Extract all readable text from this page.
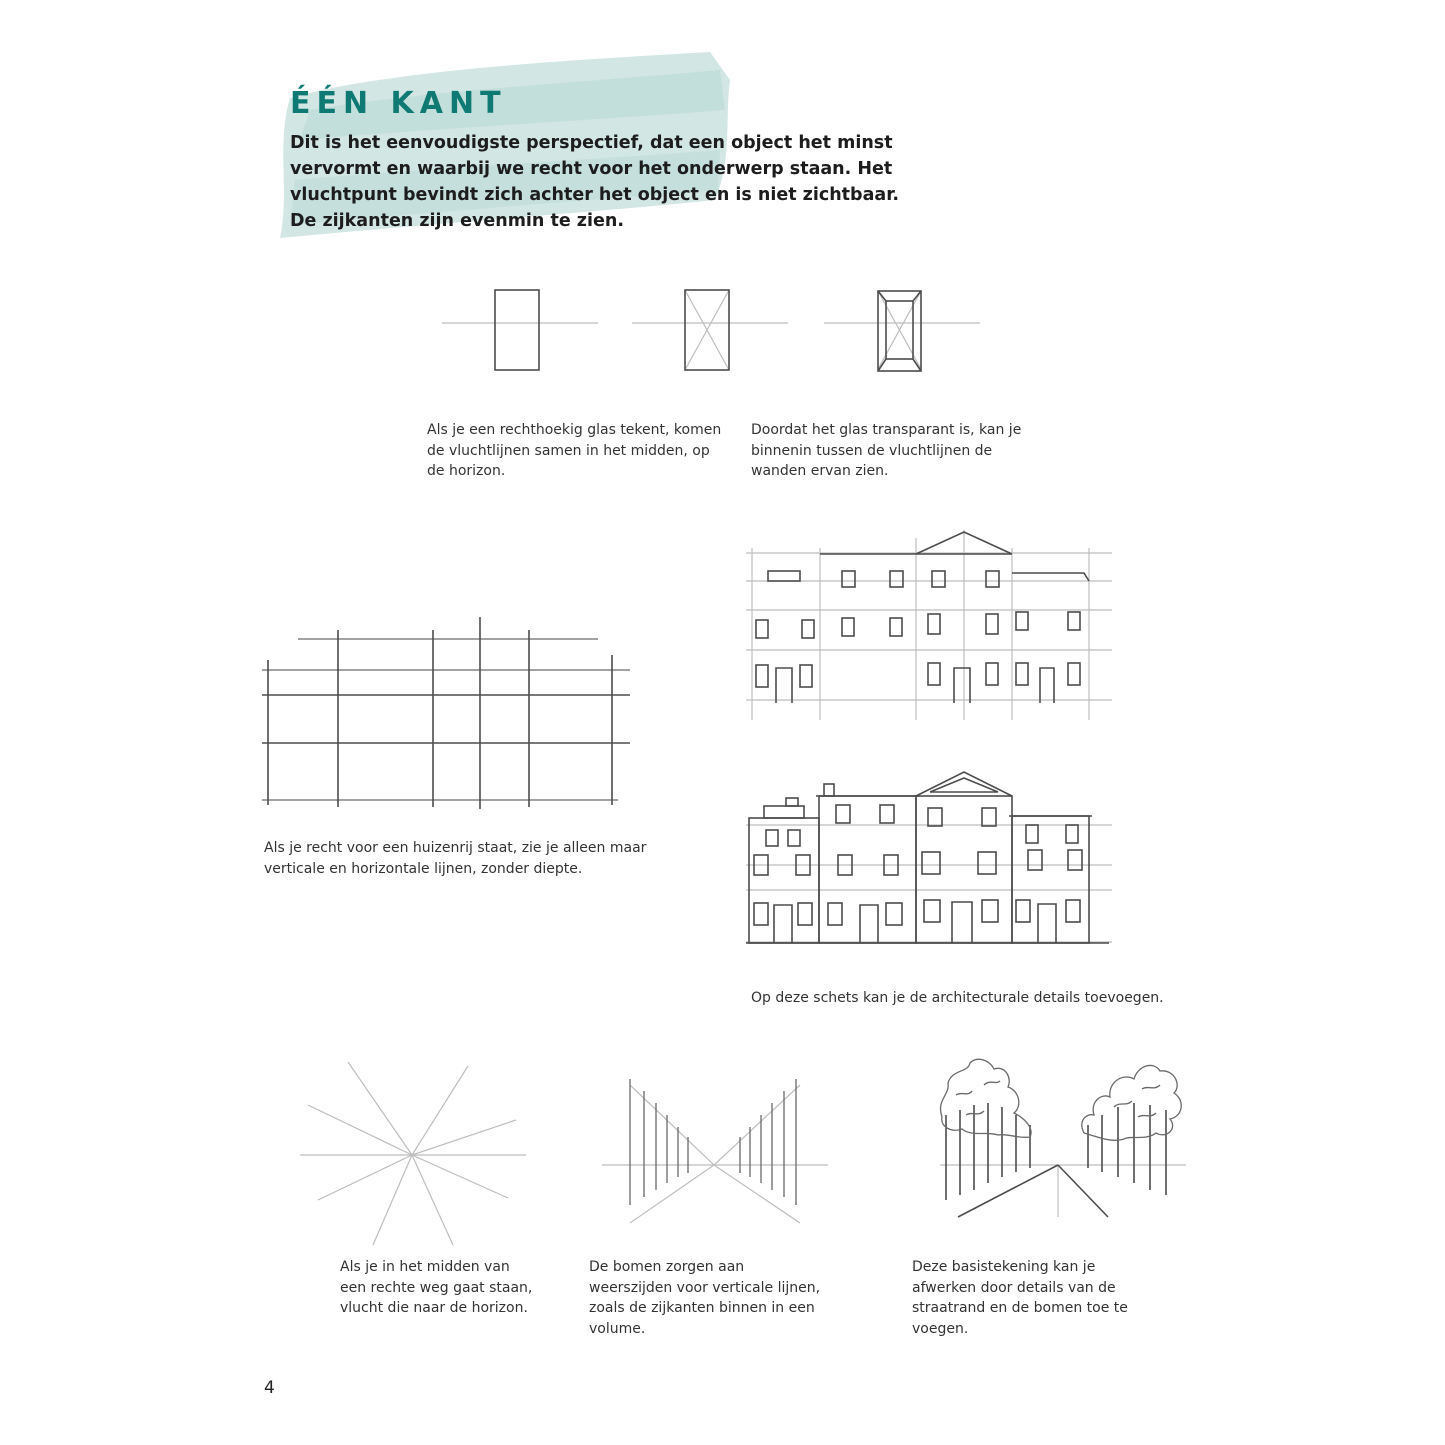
ÉÉN KANT

Dit is het eenvoudigste perspectief, dat een object het minst vervormt en waarbij we recht voor het onderwerp staan. Het vluchtpunt bevindt zich achter het object en is niet zichtbaar. De zijkanten zijn evenmin te zien.

Als je een rechthoekig glas tekent, komen de vluchtlijnen samen in het midden, op de horizon.

Doordat het glas transparant is, kan je binnenin tussen de vluchtlijnen de wanden ervan zien.

Als je recht voor een huizenrij staat, zie je alleen maar verticale en horizontale lijnen, zonder diepte.

Op deze schets kan je de architecturale details toevoegen.

Als je in het midden van een rechte weg gaat staan, vlucht die naar de horizon.

De bomen zorgen aan weerszijden voor verticale lijnen, zoals de zijkanten binnen in een volume.

Deze basistekening kan je afwerken door details van de straatrand en de bomen toe te voegen.

4
